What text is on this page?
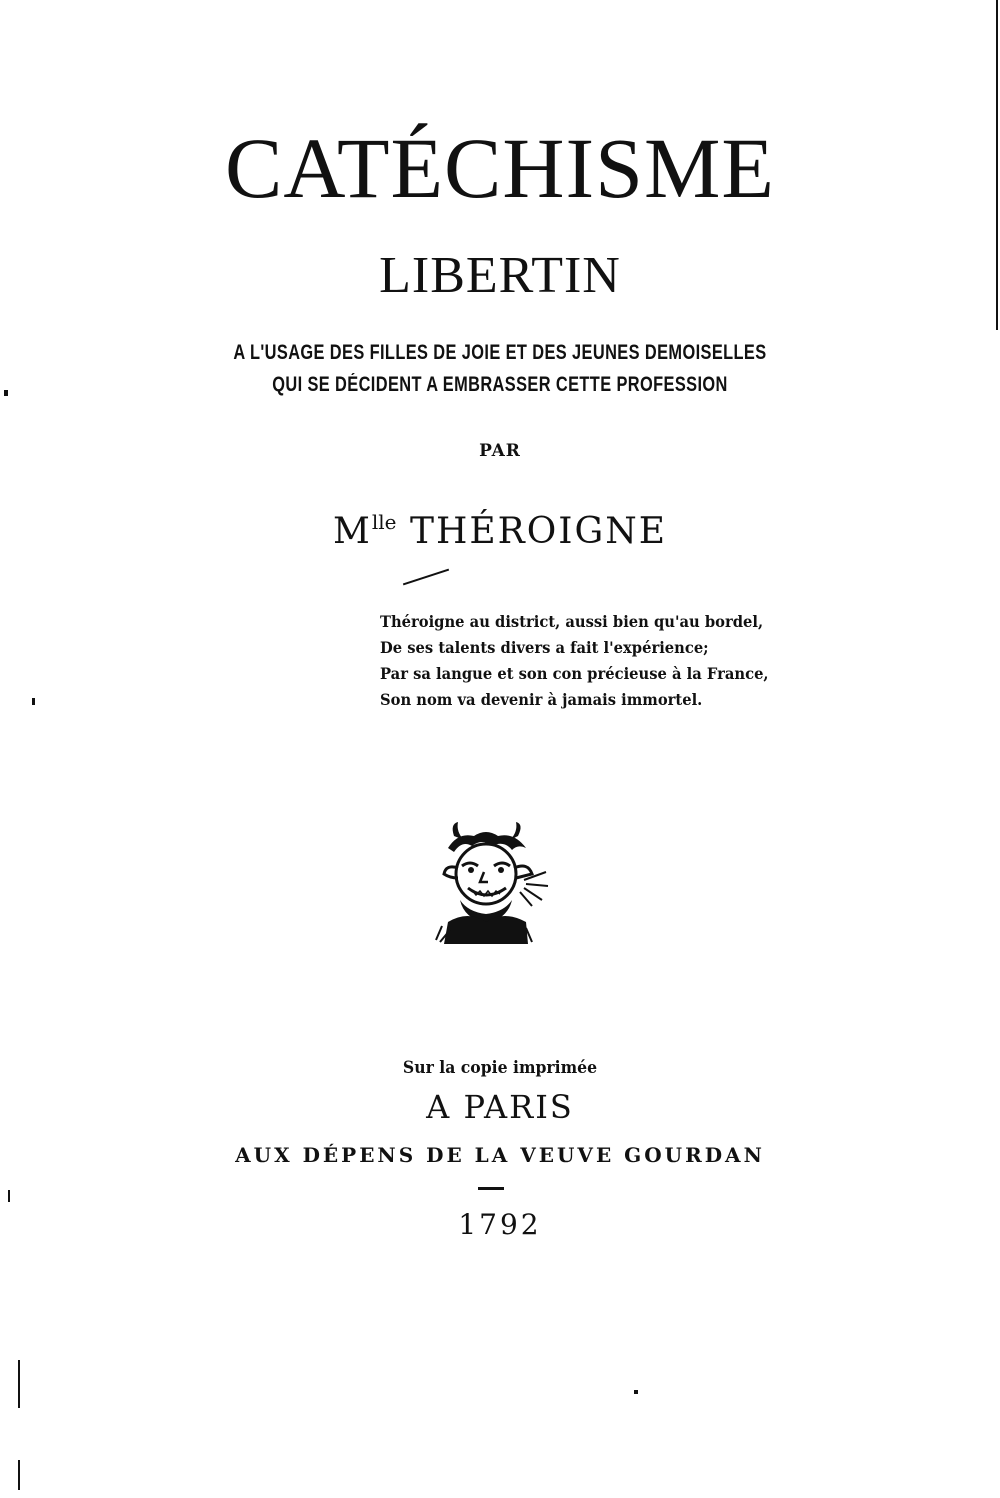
CATÉCHISME
LIBERTIN
A L'USAGE DES FILLES DE JOIE ET DES JEUNES DEMOISELLES
QUI SE DÉCIDENT A EMBRASSER CETTE PROFESSION
PAR
$M^{lle}$ THÉROIGNE
Théroigne au district, aussi bien qu'au bordel,
De ses talents divers a fait l'expérience;
Par sa langue et son con précieuse à la France,
Son nom va devenir à jamais immortel.
Sur la copie imprimée
A PARIS
AUX DÉPENS DE LA VEUVE GOURDAN
1792
